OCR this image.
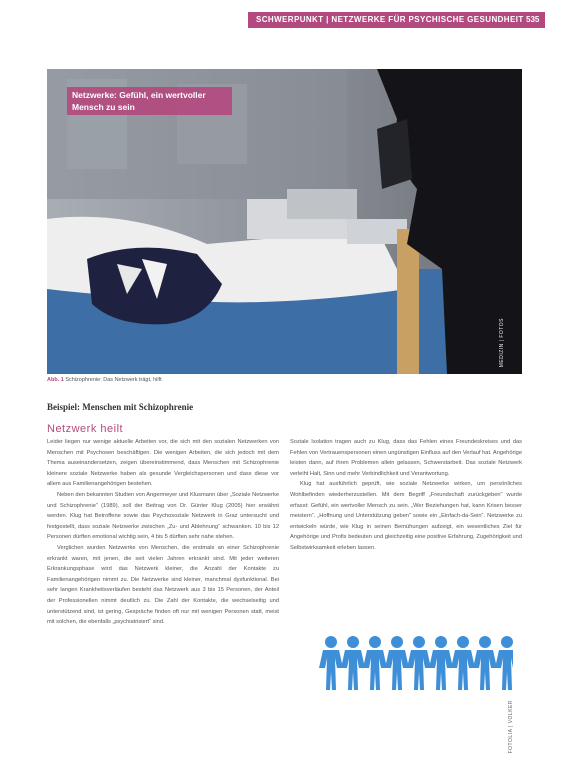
SCHWERPUNKT | NETZWERKE FÜR PSYCHISCHE GESUNDHEIT 535
Netzwerke: Gefühl, ein wertvoller Mensch zu sein
MEDIZIN | FOTOS
Abb. 1 Schizophrenie: Das Netzwerk trägt, hilft
Beispiel: Menschen mit Schizophrenie
Netzwerk heilt

Leider liegen nur wenige aktuelle Arbeiten vor, die sich mit den sozialen Netzwerken von Menschen mit Psychosen beschäftigen. Die wenigen Arbeiten, die sich jedoch mit dem Thema auseinandersetzen, zeigen übereinstimmend, dass Menschen mit Schizophrenie kleinere soziale Netzwerke haben als gesunde Vergleichspersonen und dass diese vor allem aus Familienangehörigen bestehen.

Neben den bekannten Studien von Angermeyer und Klusmann über „Soziale Netzwerke und Schizophrenie“ (1989), soll der Beitrag von Dr. Günter Klug (2005) hier erwähnt werden. Klug hat Betroffene sowie das Psychosoziale Netzwerk in Graz untersucht und festgestellt, dass soziale Netzwerke zwischen „Zu- und Ablehnung“ schwanken. 10 bis 12 Personen dürften emotional wichtig sein, 4 bis 5 dürften sehr nahe stehen.

Verglichen wurden Netzwerke von Menschen, die erstmals an einer Schizophrenie erkrankt waren, mit jenen, die seit vielen Jahren erkrankt sind. Mit jeder weiteren Erkrankungsphase wird das Netzwerk kleiner, die Anzahl der Kontakte zu Familienangehörigen nimmt zu. Die Netzwerke sind kleiner, manchmal dysfunktional. Bei sehr langen Krankheitsverläufen besteht das Netzwerk aus 3 bis 15 Personen, der Anteil der Professionellen nimmt deutlich zu. Die Zahl der Kontakte, die wechselseitig und unterstützend sind, ist gering, Gespräche finden oft nur mit wenigen Personen statt, meist mit solchen, die ebenfalls „psychiatrisiert“ sind.

Soziale Isolation tragen auch zu Klug, dass das Fehlen eines Freundeskreises und das Fehlen von Vertrauenspersonen einen ungünstigen Einfluss auf den Verlauf hat. Angehörige leisten dann, auf ihren Problemen allein gelassen, Schwerstarbeit. Das soziale Netzwerk verleiht Halt, Sinn und mehr Verbindlichkeit und Verantwortung.

Klug hat ausführlich geprüft, wie soziale Netzwerke wirken, um persönliches Wohlbefinden wiederherzustellen. Mit dem Begriff „Freundschaft zurückgeben“ wurde erfasst: Gefühl, ein wertvoller Mensch zu sein. „Wer Beziehungen hat, kann Krisen besser meistern“. „Hoffnung und Unterstützung geben“ sowie ein „Einfach-da-Sein“. Netzwerke zu entwickeln würde, wie Klug in seinen Bemühungen aufzeigt, ein wesentliches Ziel für Angehörige und Profis bedeuten und gleichzeitig eine positive Erfahrung, Zugehörigkeit und Selbstwirksamkeit erleben lassen.

FOTOLIA | VOLKER
